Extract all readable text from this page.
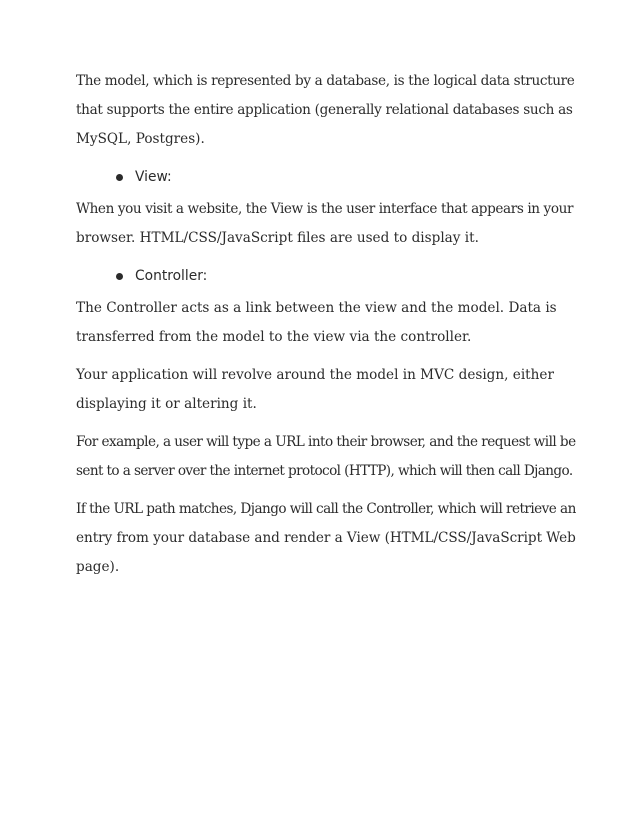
The model, which is represented by a database, is the logical data structure
that supports the entire application (generally relational databases such as
MySQL, Postgres).

View:

When you visit a website, the View is the user interface that appears in your
browser. HTML/CSS/JavaScript files are used to display it.

Controller:

The Controller acts as a link between the view and the model. Data is
transferred from the model to the view via the controller.

Your application will revolve around the model in MVC design, either
displaying it or altering it.

For example, a user will type a URL into their browser, and the request will be
sent to a server over the internet protocol (HTTP), which will then call Django.

If the URL path matches, Django will call the Controller, which will retrieve an
entry from your database and render a View (HTML/CSS/JavaScript Web
page).
